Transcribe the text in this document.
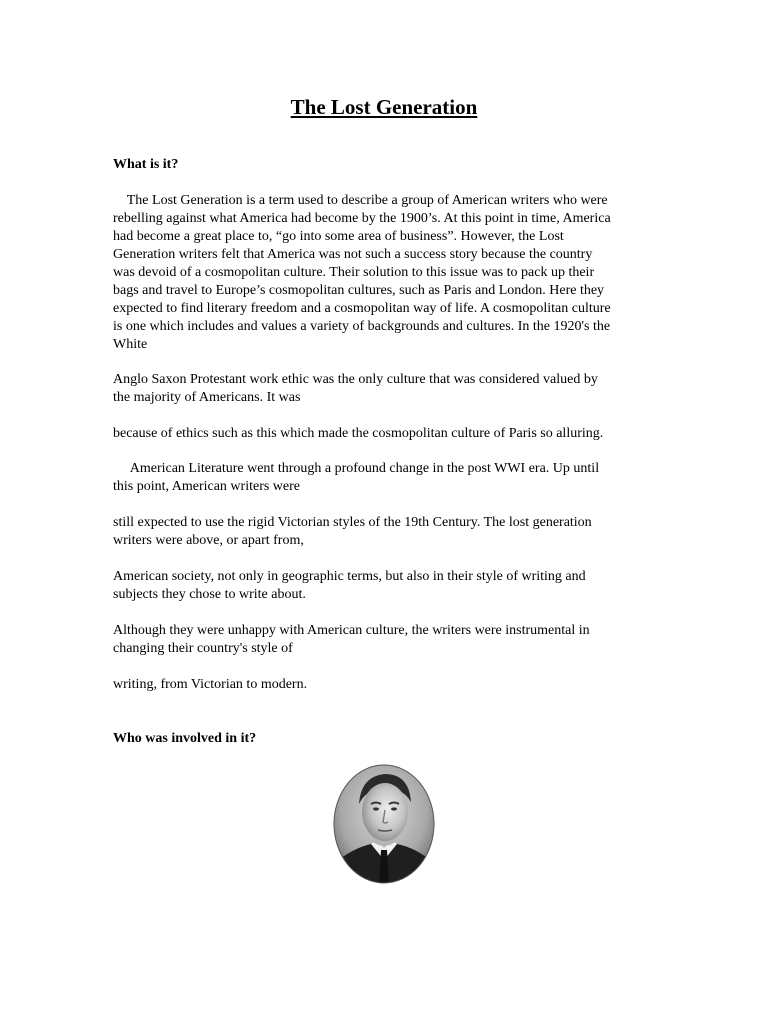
The Lost Generation
What is it?

The Lost Generation is a term used to describe a group of American writers who were
rebelling against what America had become by the 1900’s. At this point in time, America
had become a great place to, “go into some area of business”. However, the Lost
Generation writers felt that America was not such a success story because the country
was devoid of a cosmopolitan culture. Their solution to this issue was to pack up their
bags and travel to Europe’s cosmopolitan cultures, such as Paris and London. Here they
expected to find literary freedom and a cosmopolitan way of life. A cosmopolitan culture
is one which includes and values a variety of backgrounds and cultures. In the 1920's the
White

Anglo Saxon Protestant work ethic was the only culture that was considered valued by
the majority of Americans. It was

because of ethics such as this which made the cosmopolitan culture of Paris so alluring.

American Literature went through a profound change in the post WWI era. Up until
this point, American writers were

still expected to use the rigid Victorian styles of the 19th Century. The lost generation
writers were above, or apart from,

American society, not only in geographic terms, but also in their style of writing and
subjects they chose to write about.

Although they were unhappy with American culture, the writers were instrumental in
changing their country's style of

writing, from Victorian to modern.

Who was involved in it?
